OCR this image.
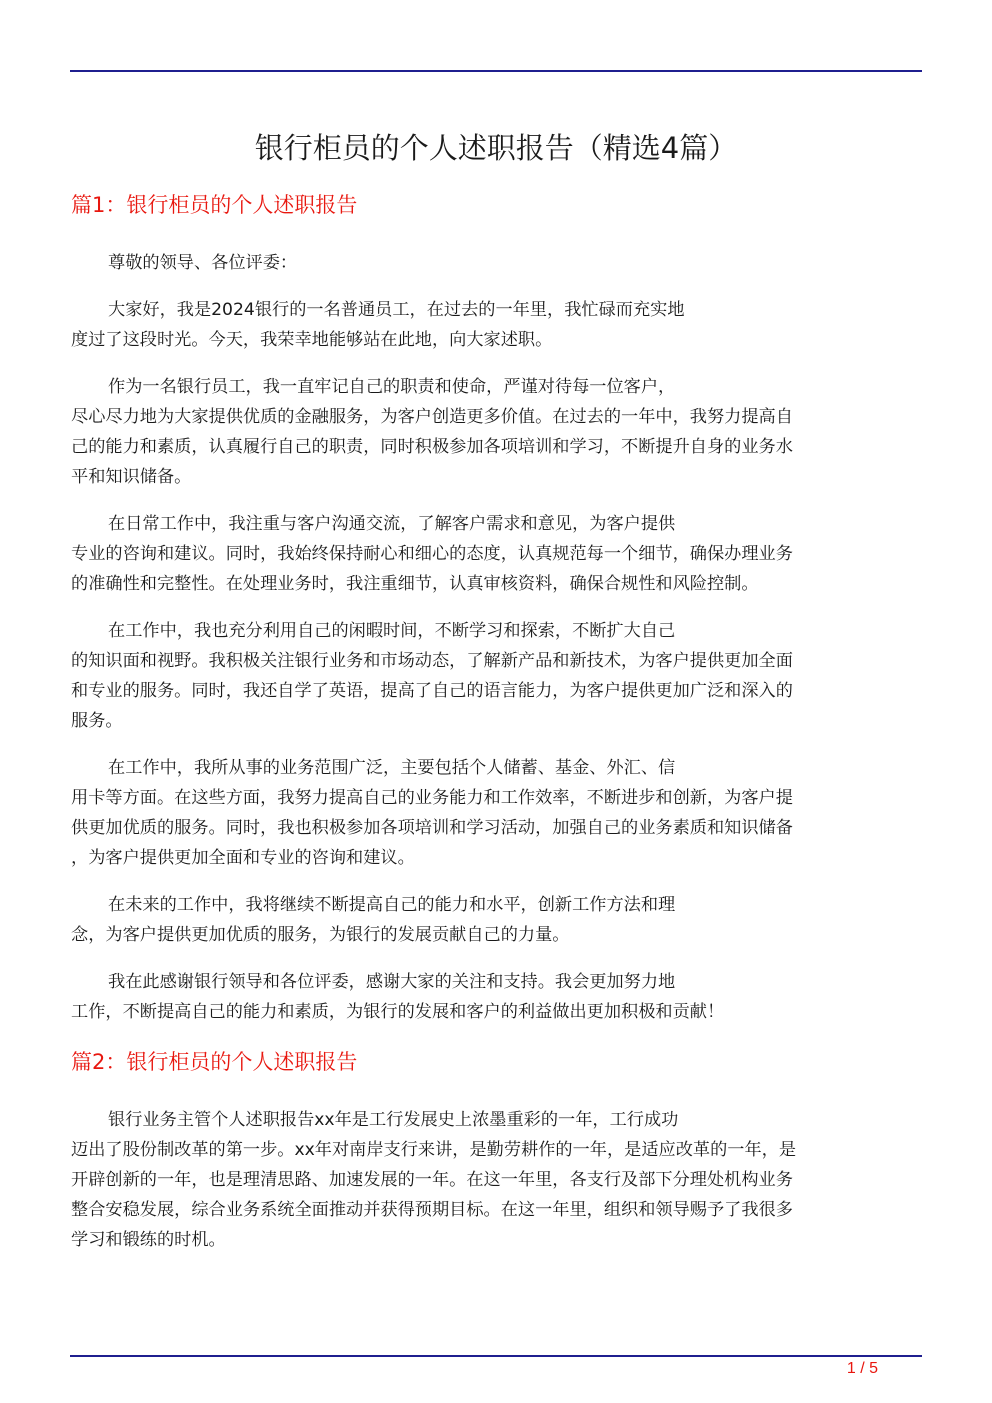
银行柜员的个人述职报告（精选4篇）
篇1：银行柜员的个人述职报告
尊敬的领导、各位评委：
大家好，我是2024银行的一名普通员工，在过去的一年里，我忙碌而充实地
度过了这段时光。今天，我荣幸地能够站在此地，向大家述职。
作为一名银行员工，我一直牢记自己的职责和使命，严谨对待每一位客户，
尽心尽力地为大家提供优质的金融服务，为客户创造更多价值。在过去的一年中，我努力提高自
己的能力和素质，认真履行自己的职责，同时积极参加各项培训和学习，不断提升自身的业务水
平和知识储备。
在日常工作中，我注重与客户沟通交流，了解客户需求和意见，为客户提供
专业的咨询和建议。同时，我始终保持耐心和细心的态度，认真规范每一个细节，确保办理业务
的准确性和完整性。在处理业务时，我注重细节，认真审核资料，确保合规性和风险控制。
在工作中，我也充分利用自己的闲暇时间，不断学习和探索，不断扩大自己
的知识面和视野。我积极关注银行业务和市场动态，了解新产品和新技术，为客户提供更加全面
和专业的服务。同时，我还自学了英语，提高了自己的语言能力，为客户提供更加广泛和深入的
服务。
在工作中，我所从事的业务范围广泛，主要包括个人储蓄、基金、外汇、信
用卡等方面。在这些方面，我努力提高自己的业务能力和工作效率，不断进步和创新，为客户提
供更加优质的服务。同时，我也积极参加各项培训和学习活动，加强自己的业务素质和知识储备
，为客户提供更加全面和专业的咨询和建议。
在未来的工作中，我将继续不断提高自己的能力和水平，创新工作方法和理
念，为客户提供更加优质的服务，为银行的发展贡献自己的力量。
我在此感谢银行领导和各位评委，感谢大家的关注和支持。我会更加努力地
工作，不断提高自己的能力和素质，为银行的发展和客户的利益做出更加积极和贡献！
篇2：银行柜员的个人述职报告
银行业务主管个人述职报告xx年是工行发展史上浓墨重彩的一年，工行成功
迈出了股份制改革的第一步。xx年对南岸支行来讲，是勤劳耕作的一年，是适应改革的一年，是
开辟创新的一年，也是理清思路、加速发展的一年。在这一年里，各支行及部下分理处机构业务
整合安稳发展，综合业务系统全面推动并获得预期目标。在这一年里，组织和领导赐予了我很多
学习和锻练的时机。
1 / 5
